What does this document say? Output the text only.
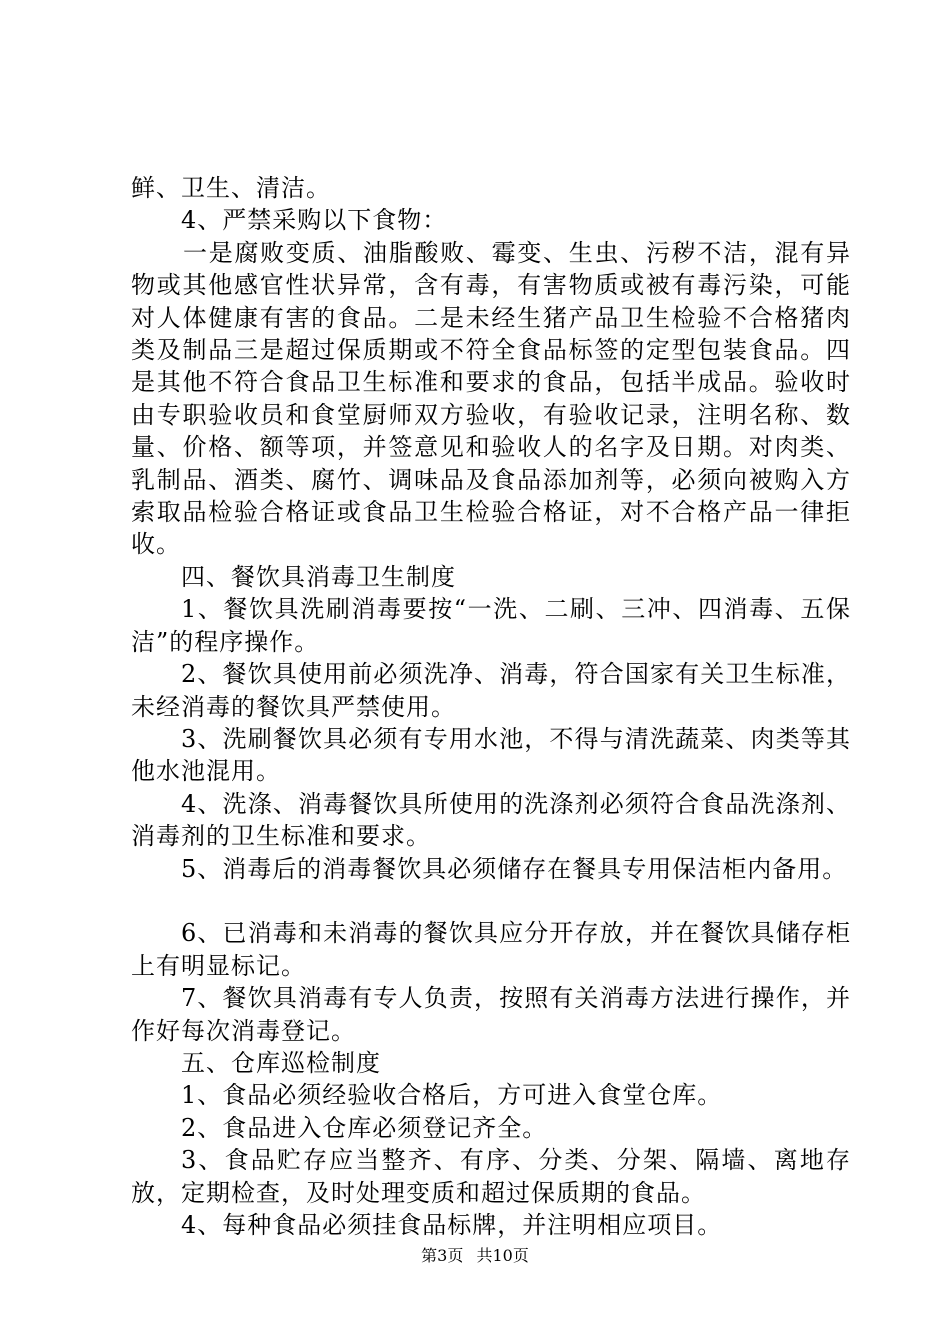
鲜、卫生、清洁。

4、严禁采购以下食物：

一是腐败变质、油脂酸败、霉变、生虫、污秽不洁，混有异物或其他感官性状异常，含有毒，有害物质或被有毒污染，可能对人体健康有害的食品。二是未经生猪产品卫生检验不合格猪肉类及制品三是超过保质期或不符全食品标签的定型包装食品。四是其他不符合食品卫生标准和要求的食品，包括半成品。验收时由专职验收员和食堂厨师双方验收，有验收记录，注明名称、数量、价格、额等项，并签意见和验收人的名字及日期。对肉类、乳制品、酒类、腐竹、调味品及食品添加剂等，必须向被购入方索取品检验合格证或食品卫生检验合格证，对不合格产品一律拒收。

四、餐饮具消毒卫生制度

1、餐饮具洗刷消毒要按“一洗、二刷、三冲、四消毒、五保洁”的程序操作。

2、餐饮具使用前必须洗净、消毒，符合国家有关卫生标准，未经消毒的餐饮具严禁使用。

3、洗刷餐饮具必须有专用水池，不得与清洗蔬菜、肉类等其他水池混用。

4、洗涤、消毒餐饮具所使用的洗涤剂必须符合食品洗涤剂、消毒剂的卫生标准和要求。

5、消毒后的消毒餐饮具必须储存在餐具专用保洁柜内备用。

6、已消毒和未消毒的餐饮具应分开存放，并在餐饮具储存柜上有明显标记。

7、餐饮具消毒有专人负责，按照有关消毒方法进行操作，并作好每次消毒登记。

五、仓库巡检制度

1、食品必须经验收合格后，方可进入食堂仓库。

2、食品进入仓库必须登记齐全。

3、食品贮存应当整齐、有序、分类、分架、隔墙、离地存放，定期检查，及时处理变质和超过保质期的食品。

4、每种食品必须挂食品标牌，并注明相应项目。

第3页 共10页
